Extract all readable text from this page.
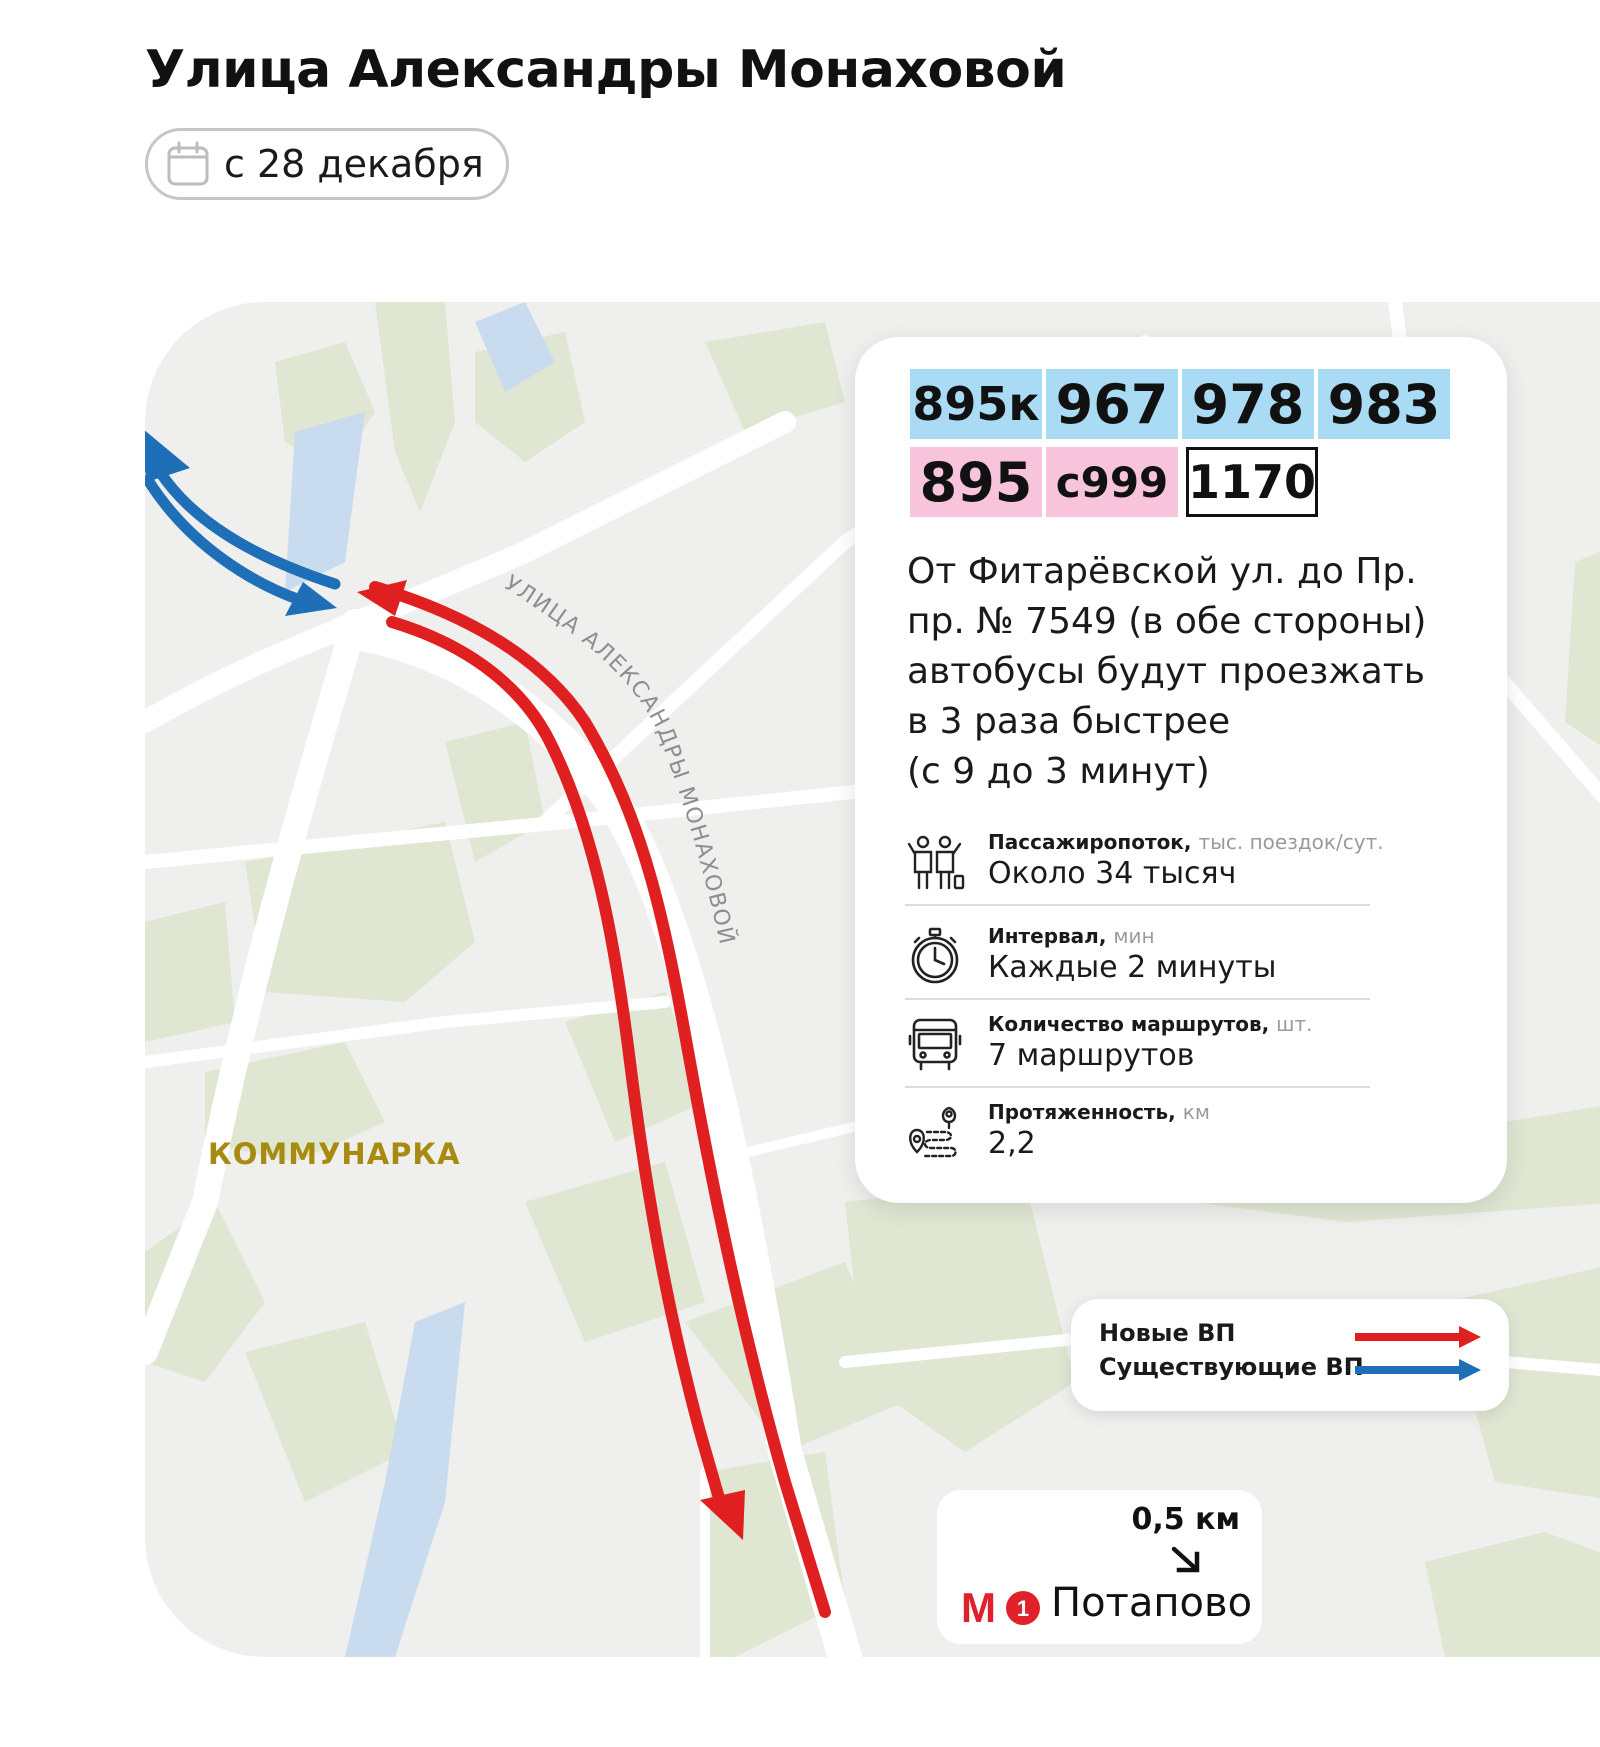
Улица Александры Монаховой
с 28 декабря
УЛИЦА АЛЕКСАНДРЫ МОНАХОВОЙ
КОММУНАРКА
895к 967 978 983
895 с999 1170
От Фитарёвской ул. до Пр.
пр. № 7549 (в обе стороны)
автобусы будут проезжать
в 3 раза быстрее
(с 9 до 3 минут)
Пассажиропоток, тыс. поездок/сут.
Около 34 тысяч
Интервал, мин
Каждые 2 минуты
Количество маршрутов, шт.
7 маршрутов
Протяженность, км
2,2
Новые ВП
Существующие ВП
0,5 км
М 1 Потапово
